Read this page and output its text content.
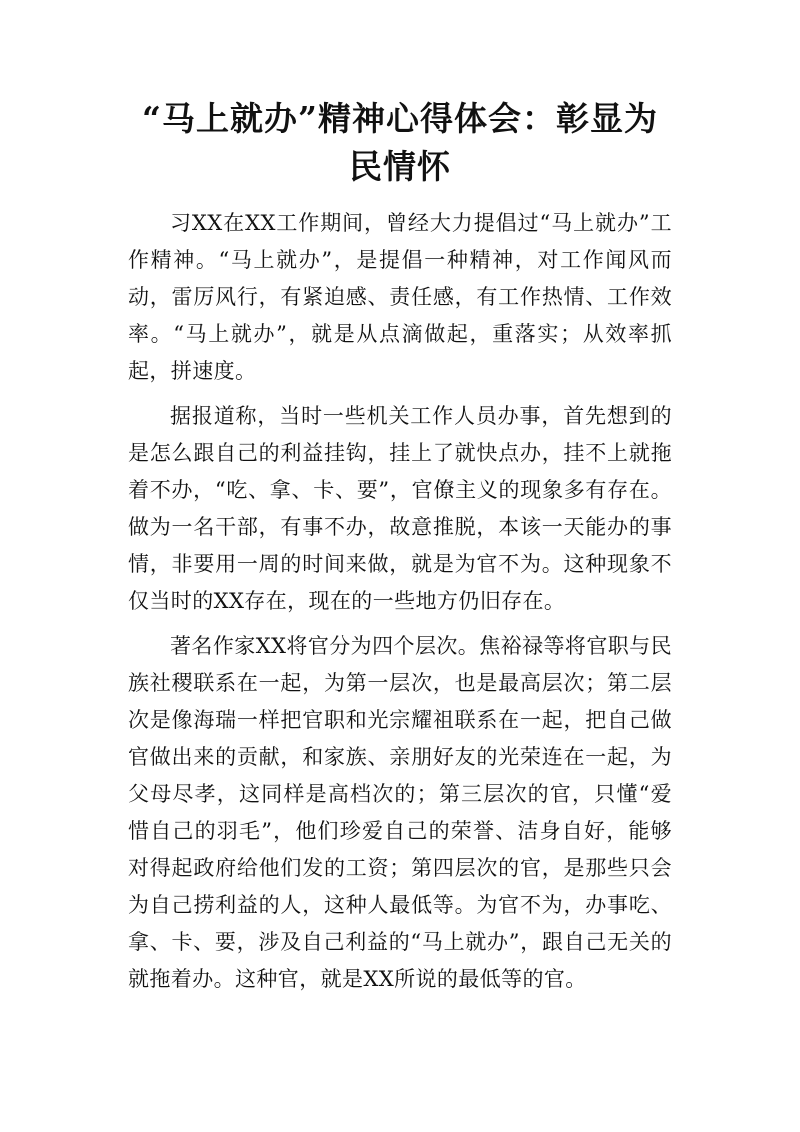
“马上就办”精神心得体会：彰显为民情怀

习XX在XX工作期间，曾经大力提倡过“马上就办”工作精神。“马上就办”，是提倡一种精神，对工作闻风而动，雷厉风行，有紧迫感、责任感，有工作热情、工作效率。“马上就办”，就是从点滴做起，重落实；从效率抓起，拼速度。

据报道称，当时一些机关工作人员办事，首先想到的是怎么跟自己的利益挂钩，挂上了就快点办，挂不上就拖着不办，“吃、拿、卡、要”，官僚主义的现象多有存在。做为一名干部，有事不办，故意推脱，本该一天能办的事情，非要用一周的时间来做，就是为官不为。这种现象不仅当时的XX存在，现在的一些地方仍旧存在。

著名作家XX将官分为四个层次。焦裕禄等将官职与民族社稷联系在一起，为第一层次，也是最高层次；第二层次是像海瑞一样把官职和光宗耀祖联系在一起，把自己做官做出来的贡献，和家族、亲朋好友的光荣连在一起，为父母尽孝，这同样是高档次的；第三层次的官，只懂“爱惜自己的羽毛”，他们珍爱自己的荣誉、洁身自好，能够对得起政府给他们发的工资；第四层次的官，是那些只会为自己捞利益的人，这种人最低等。为官不为，办事吃、拿、卡、要，涉及自己利益的“马上就办”，跟自己无关的就拖着办。这种官，就是XX所说的最低等的官。
